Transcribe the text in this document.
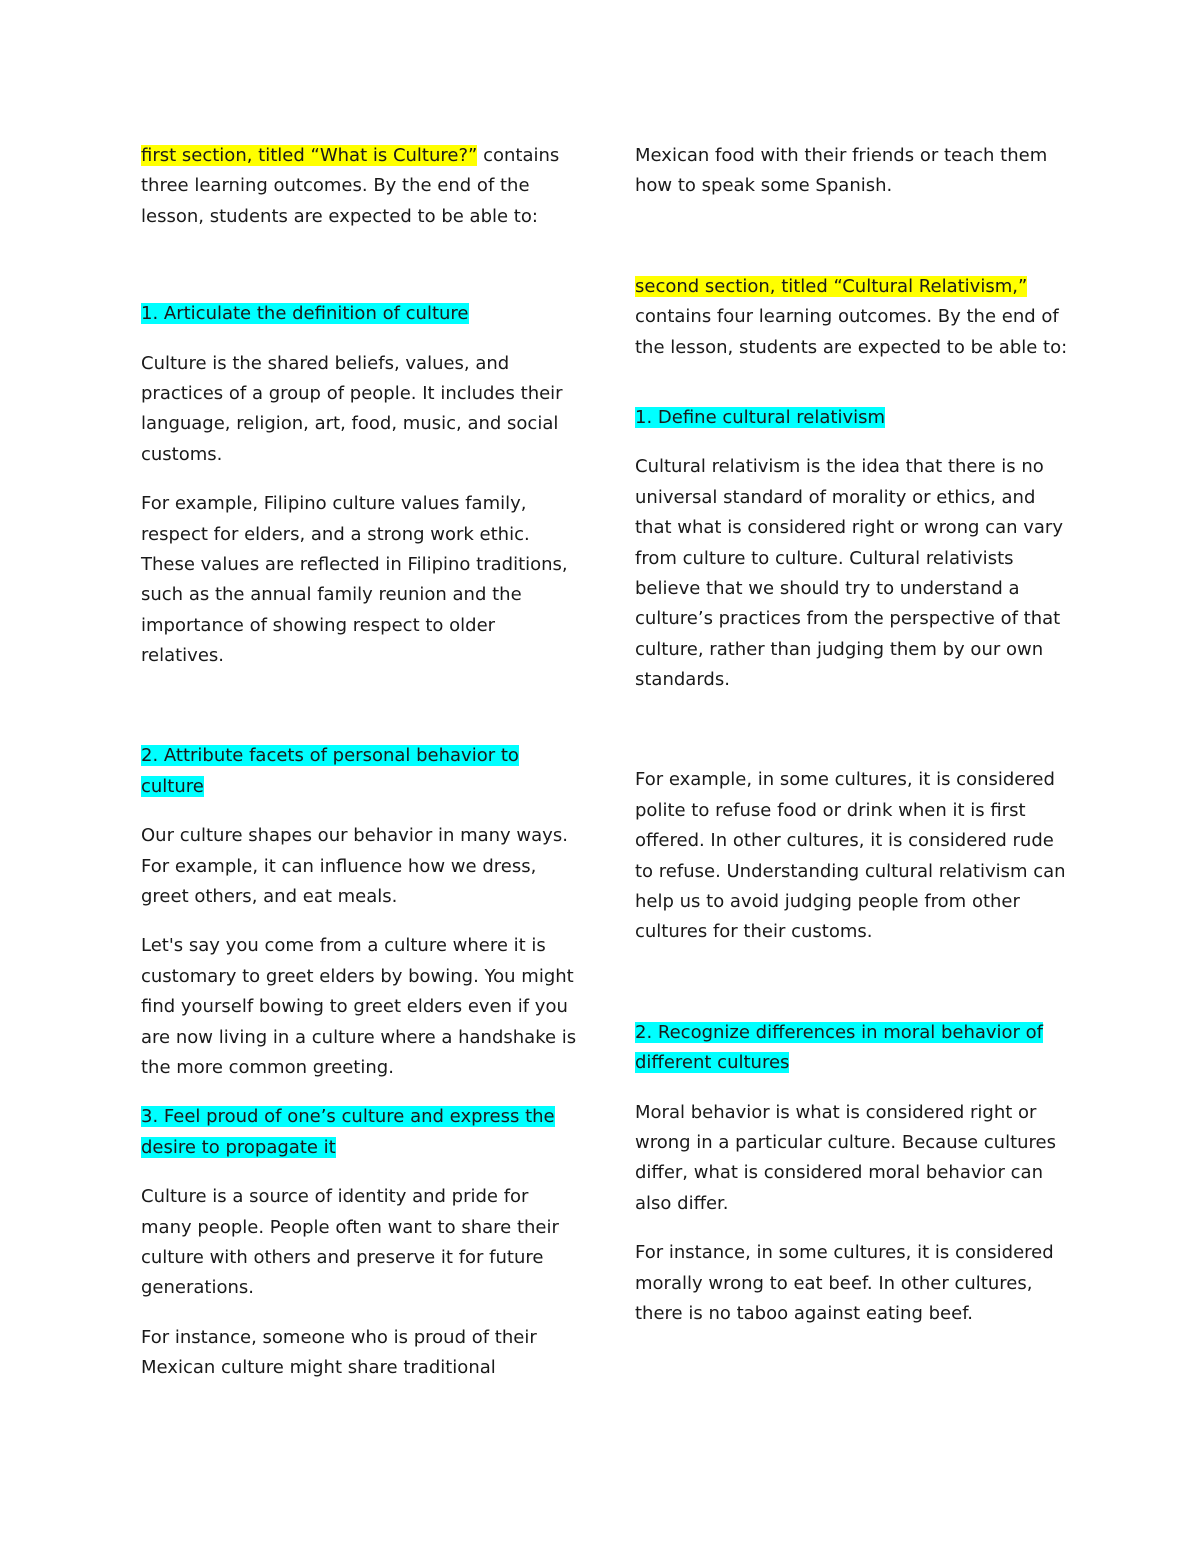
first section, titled “What is Culture?” contains
three learning outcomes. By the end of the
lesson, students are expected to be able to:
1. Articulate the definition of culture
Culture is the shared beliefs, values, and
practices of a group of people. It includes their
language, religion, art, food, music, and social
customs.
For example, Filipino culture values family,
respect for elders, and a strong work ethic.
These values are reflected in Filipino traditions,
such as the annual family reunion and the
importance of showing respect to older
relatives.
2. Attribute facets of personal behavior to
culture
Our culture shapes our behavior in many ways.
For example, it can influence how we dress,
greet others, and eat meals.
Let's say you come from a culture where it is
customary to greet elders by bowing. You might
find yourself bowing to greet elders even if you
are now living in a culture where a handshake is
the more common greeting.
3. Feel proud of one’s culture and express the
desire to propagate it
Culture is a source of identity and pride for
many people. People often want to share their
culture with others and preserve it for future
generations.
For instance, someone who is proud of their
Mexican culture might share traditional
Mexican food with their friends or teach them
how to speak some Spanish.
second section, titled “Cultural Relativism,”
contains four learning outcomes. By the end of
the lesson, students are expected to be able to:
1. Define cultural relativism
Cultural relativism is the idea that there is no
universal standard of morality or ethics, and
that what is considered right or wrong can vary
from culture to culture. Cultural relativists
believe that we should try to understand a
culture’s practices from the perspective of that
culture, rather than judging them by our own
standards.
For example, in some cultures, it is considered
polite to refuse food or drink when it is first
offered. In other cultures, it is considered rude
to refuse. Understanding cultural relativism can
help us to avoid judging people from other
cultures for their customs.
2. Recognize differences in moral behavior of
different cultures
Moral behavior is what is considered right or
wrong in a particular culture. Because cultures
differ, what is considered moral behavior can
also differ.
For instance, in some cultures, it is considered
morally wrong to eat beef. In other cultures,
there is no taboo against eating beef.
